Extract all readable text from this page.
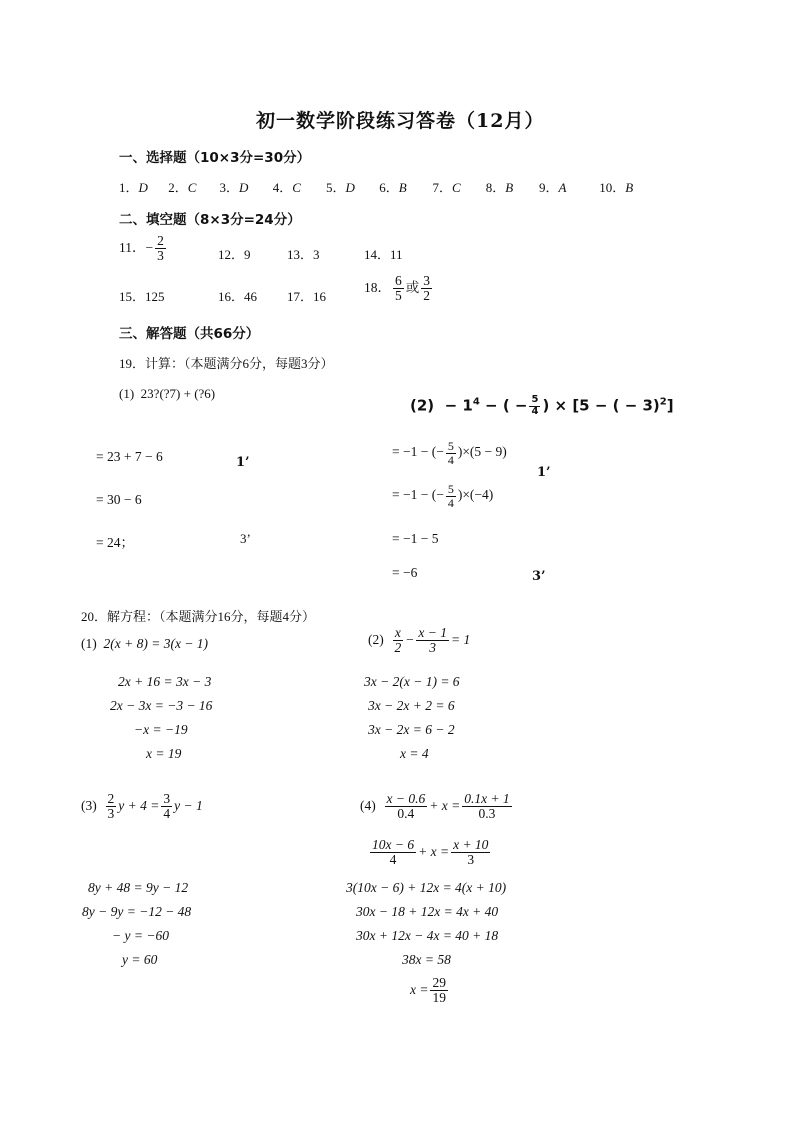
初一数学阶段练习答卷（12月）
一、选择题（10×3分=30分）
1．D 2．C 3．D 4．C 5．D 6．B 7．C 8．B 9．A	10．B
二、填空题（8×3分=24分）
11．− $\frac{2}{3}$	12．9	13．3	14．11
15．125	16．46 17．16
18． $\frac{6}{5}$ 或 $\frac{3}{2}$
三、解答题（共66分）
19．计算：（本题满分6分，每题3分）
(1) 23?(?7) + (?6)
= 23 + 7 − 6	1’
= 30 − 6
= 24；	3’
$(2) - 1^4$ − ( − $\frac{5}{4}$ ) × [5 − ( − 3)$^2$]
= −1 − (− $\frac{5}{4} )\times(5 - 9)$
1’
= −1 − (− $\frac{5}{4} )\times(-4)$
= −1 − 5
= −6	3’
20．解方程：（本题满分16分，每题4分）
(1) 2(x + 8) = 3(x − 1)
2x + 16 = 3x − 3
2x − 3x = −3 − 16
−x = −19
x = 19
$(2) \frac{x}{2} - \frac{x - 1}{3} = 1$
3x − 2(x − 1) = 6
3x − 2x + 2 = 6
3x − 2x = 6 − 2
x = 4
$(3) \frac{2}{3}$ $y + 4 = \frac{3}{4}$ y − 1
8y + 48 = 9y − 12
8y − 9y = −12 − 48
− y = −60
y = 60
$(4) \frac{x - 0.6}{0.4} + x = \frac{0.1x + 1}{0.3}$
$\frac{10x - 6}{4} + x = \frac{x + 10}{3}$
3(10x − 6) + 12x = 4(x + 10)
30x − 18 + 12x = 4x + 40
30x + 12x − 4x = 40 + 18
38x = 58
$x = \frac{29}{19}$
